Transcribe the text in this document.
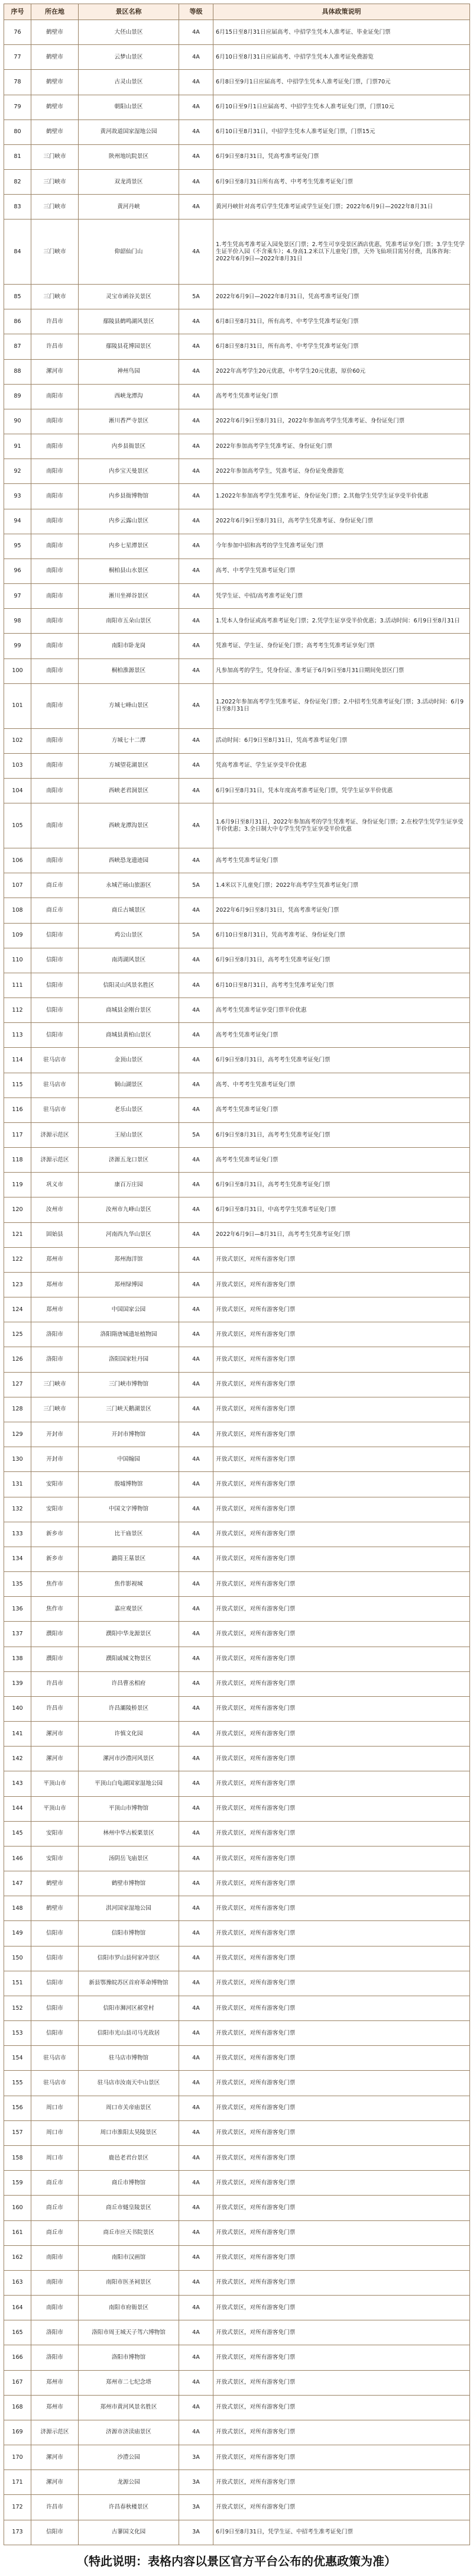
序号	所在地	景区名称	等级	具体政策说明
76	鹤壁市	大伾山景区	4A	6月15日至8月31日应届高考、中招学生凭本人准考证、毕业证免门票
77	鹤壁市	云梦山景区	4A	6月10日至8月31日应届高考、中招学生凭本人准考证免费游览
78	鹤壁市	古灵山景区	4A	6月8日至9月1日应届高考、中招学生凭本人准考证免门票，门票70元
79	鹤壁市	朝阳山景区	4A	6月10日至9月1日应届高考、中招学生凭本人准考证免门票，门票10元
80	鹤壁市	黄河故道国家湿地公园	4A	6月10日至8月31日，中招学生凭本人准考证免门票，门票15元
81	三门峡市	陕州地坑院景区	4A	6月9日至8月31日，凭高考准考证免门票
82	三门峡市	双龙湾景区	4A	6月9日至8月31日所有高考、中考考生凭准考证免门票
83	三门峡市	黄河丹峡	4A	黄河丹峡针对高考后学生凭准考证或学生证免门票；2022年6月9日—2022年8月31日
84	三门峡市	仰韶仙门山	4A	1.考生凭高考准考证入园免景区门票；2.考生可享受景区酒店优惠，凭准考证享免门票；3.学生凭学生证半价入园（不含乘车）；4.身高1.2米以下儿童免门票，天外飞仙项目需另付费，具体咨询：2022年6月9日—2022年8月31日
85	三门峡市	灵宝市函谷关景区	5A	2022年6月9日—2022年8月31日，凭高考准考证免门票
86	许昌市	鄢陵县鹤鸣湖风景区	4A	6月8日至8月31日，所有高考、中考学生凭准考证免门票
87	许昌市	鄢陵县花博园景区	4A	6月8日至8月31日，所有高考、中考学生凭准考证免门票
88	漯河市	神州鸟园	4A	2022年高考学生20元优惠，中考学生20元优惠，原价60元
89	南阳市	西峡龙潭沟	4A	高考考生凭准考证免门票
90	南阳市	淅川香严寺景区	4A	2022年6月9日至8月31日，2022年参加高考学生凭准考证、身份证免门票
91	南阳市	内乡县衙景区	4A	2022年参加高考学生凭准考证、身份证免门票
92	南阳市	内乡宝天曼景区	4A	2022年参加高考学生，凭准考证、身份证免费游览
93	南阳市	内乡县衙博物馆	4A	1.2022年参加高考学生凭准考证、身份证免门票；2.其他学生凭学生证享受半价优惠
94	南阳市	内乡云露山景区	4A	2022年6月9日至8月31日，高考学生凭准考证、身份证免门票
95	南阳市	内乡七星潭景区	4A	今年参加中招和高考的学生凭准考证免门票
96	南阳市	桐柏县山水景区	4A	高考、中考学生凭准考证免门票
97	南阳市	淅川坐禅谷景区	4A	凭学生证、中招/高考准考证免门票
98	南阳市	南阳市五朵山景区	4A	1.凭本人身份证或高考准考证免门票；2.凭学生证享受半价优惠；3.活动时间：6月9日至8月31日
99	南阳市	南阳市卧龙岗	4A	凭准考证、学生证、身份证免门票；高考考生凭准考证享免门票
100	南阳市	桐柏淮源景区	4A	凡参加高考的学生，凭身份证、准考证于6月9日至8月31日期间免景区门票
101	南阳市	方城七峰山景区	4A	1.2022年参加高考学生凭准考证、身份证免门票；2.中招考生凭准考证免门票；3.活动时间：6月9日至8月31日
102	南阳市	方城七十二潭	4A	活动时间：6月9日至8月31日，凭高考准考证免门票
103	南阳市	方城望花湖景区	4A	凭高考准考证、学生证享受半价优惠
104	南阳市	西峡老君洞景区	4A	6月9日至8月31日，凭本年度高考准考证免门票，凭学生证享半价优惠
105	南阳市	西峡龙潭沟景区	4A	1.6月9日至8月31日，2022年参加高考的学生凭准考证、身份证免门票；2.在校学生凭学生证享受半价优惠；3.全日制大中专学生凭学生证享受半价优惠
106	南阳市	西峡恐龙遗迹园	4A	高考考生凭准考证免门票
107	商丘市	永城芒砀山旅游区	5A	1.4米以下儿童免门票；2022年高考学生凭准考证免门票
108	商丘市	商丘古城景区	4A	2022年6月9日至8月31日，凭高考准考证免门票
109	信阳市	鸡公山景区	5A	6月10日至8月31日，凭高考准考证、身份证免门票
110	信阳市	南湾湖风景区	4A	6月9日至8月31日，高考考生凭准考证免门票
111	信阳市	信阳灵山风景名胜区	4A	6月10日至8月31日，高考考生凭准考证免门票
112	信阳市	商城县金刚台景区	4A	高考考生凭准考证享受门票半价优惠
113	信阳市	商城县黄柏山景区	4A	高考考生凭准考证免门票
114	驻马店市	金顶山景区	4A	6月9日至8月31日，高考考生凭准考证免门票
115	驻马店市	铜山湖景区	4A	高考、中考考生凭准考证免门票
116	驻马店市	老乐山景区	4A	高考考生凭准考证免门票
117	济源示范区	王屋山景区	5A	6月9日至8月31日，高考考生凭准考证免门票
118	济源示范区	济源五龙口景区	4A	高考考生凭准考证免门票
119	巩义市	康百万庄园	4A	6月9日至8月31日，高考考生凭准考证免门票
120	汝州市	汝州市九峰山景区	4A	6月9日至8月31日，中高考学生凭准考证免门票
121	固始县	河南西九华山景区	4A	2022年6月9日—8月31日，高考考生凭准考证免门票
122	郑州市	郑州海洋馆	4A	开放式景区，对所有游客免门票
123	郑州市	郑州绿博园	4A	开放式景区，对所有游客免门票
124	郑州市	中国国家公园	4A	开放式景区，对所有游客免门票
125	洛阳市	洛阳隋唐城遗址植物园	4A	开放式景区，对所有游客免门票
126	洛阳市	洛阳国家牡丹园	4A	开放式景区，对所有游客免门票
127	三门峡市	三门峡市博物馆	4A	开放式景区，对所有游客免门票
128	三门峡市	三门峡天鹅湖景区	4A	开放式景区，对所有游客免门票
129	开封市	开封市博物馆	4A	开放式景区，对所有游客免门票
130	开封市	中国翰园	4A	开放式景区，对所有游客免门票
131	安阳市	殷墟博物馆	4A	开放式景区，对所有游客免门票
132	安阳市	中国文字博物馆	4A	开放式景区，对所有游客免门票
133	新乡市	比干庙景区	4A	开放式景区，对所有游客免门票
134	新乡市	潞简王墓景区	4A	开放式景区，对所有游客免门票
135	焦作市	焦作影视城	4A	开放式景区，对所有游客免门票
136	焦作市	嘉应观景区	4A	开放式景区，对所有游客免门票
137	濮阳市	濮阳中华龙源景区	4A	开放式景区，对所有游客免门票
138	濮阳市	濮阳戚城文物景区	4A	开放式景区，对所有游客免门票
139	许昌市	许昌曹丞相府	4A	开放式景区，对所有游客免门票
140	许昌市	许昌灞陵桥景区	4A	开放式景区，对所有游客免门票
141	漯河市	许慎文化园	4A	开放式景区，对所有游客免门票
142	漯河市	漯河市沙澧河风景区	4A	开放式景区，对所有游客免门票
143	平顶山市	平顶山白龟湖国家湿地公园	4A	开放式景区，对所有游客免门票
144	平顶山市	平顶山市博物馆	4A	开放式景区，对所有游客免门票
145	安阳市	林州中华古板栗景区	4A	开放式景区，对所有游客免门票
146	安阳市	汤阴岳飞庙景区	4A	开放式景区，对所有游客免门票
147	鹤壁市	鹤壁市博物馆	4A	开放式景区，对所有游客免门票
148	鹤壁市	淇河国家湿地公园	4A	开放式景区，对所有游客免门票
149	信阳市	信阳市博物馆	4A	开放式景区，对所有游客免门票
150	信阳市	信阳市罗山县何家冲景区	4A	开放式景区，对所有游客免门票
151	信阳市	新县鄂豫皖苏区首府革命博物馆	4A	开放式景区，对所有游客免门票
152	信阳市	信阳市浉河区郝堂村	4A	开放式景区，对所有游客免门票
153	信阳市	信阳市光山县司马光故居	4A	开放式景区，对所有游客免门票
154	驻马店市	驻马店市博物馆	4A	开放式景区，对所有游客免门票
155	驻马店市	驻马店市汝南天中山景区	4A	开放式景区，对所有游客免门票
156	周口市	周口市关帝庙景区	4A	开放式景区，对所有游客免门票
157	周口市	周口市淮阳太昊陵景区	4A	开放式景区，对所有游客免门票
158	周口市	鹿邑老君台景区	4A	开放式景区，对所有游客免门票
159	商丘市	商丘市博物馆	4A	开放式景区，对所有游客免门票
160	商丘市	商丘市燧皇陵景区	4A	开放式景区，对所有游客免门票
161	商丘市	商丘市应天书院景区	4A	开放式景区，对所有游客免门票
162	南阳市	南阳市汉画馆	4A	开放式景区，对所有游客免门票
163	南阳市	南阳市医圣祠景区	4A	开放式景区，对所有游客免门票
164	南阳市	南阳市府衙景区	4A	开放式景区，对所有游客免门票
165	洛阳市	洛阳市周王城天子驾六博物馆	4A	开放式景区，对所有游客免门票
166	洛阳市	洛阳市博物馆	4A	开放式景区，对所有游客免门票
167	郑州市	郑州市二七纪念塔	4A	开放式景区，对所有游客免门票
168	郑州市	郑州市黄河风景名胜区	4A	开放式景区，对所有游客免门票
169	济源示范区	济源市济渎庙景区	4A	开放式景区，对所有游客免门票
170	漯河市	沙澧公园	3A	开放式景区，对所有游客免门票
171	漯河市	龙源公园	3A	开放式景区，对所有游客免门票
172	许昌市	许昌春秋楼景区	3A	开放式景区，对所有游客免门票
173	信阳市	古蓼国文化园	3A	6月9日至8月31日，凭学生证、中招考生准考证免门票
（特此说明：表格内容以景区官方平台公布的优惠政策为准）
